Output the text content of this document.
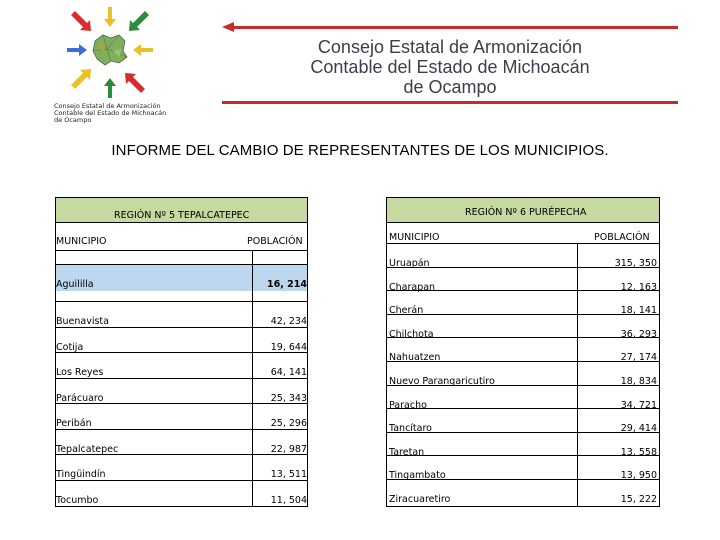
Consejo Estatal de Armonización
Contable del Estado de Michoacán
de Ocampo
Consejo Estatal de Armonización
Contable del Estado de Michoacán
de Ocampo
INFORME DEL CAMBIO DE REPRESENTANTES DE LOS MUNICIPIOS.
REGIÓN Nº 5 TEPALCATEPEC
MUNICIPIO	POBLACIÓN
Aguililla	16, 214
Buenavista	42, 234
Cotija	19, 644
Los Reyes	64, 141
Parácuaro	25, 343
Peribán	25, 296
Tepalcatepec	22, 987
Tingüindín	13, 511
Tocumbo	11, 504
REGIÓN Nº 6 PURÉPECHA
MUNICIPIO	POBLACIÓN
Uruapán	315, 350
Charapan	12, 163
Cherán	18, 141
Chilchota	36, 293
Nahuatzen	27, 174
Nuevo Parangaricutiro	18, 834
Paracho	34, 721
Tancítaro	29, 414
Taretan	13, 558
Tingambato	13, 950
Ziracuaretiro	15, 222
